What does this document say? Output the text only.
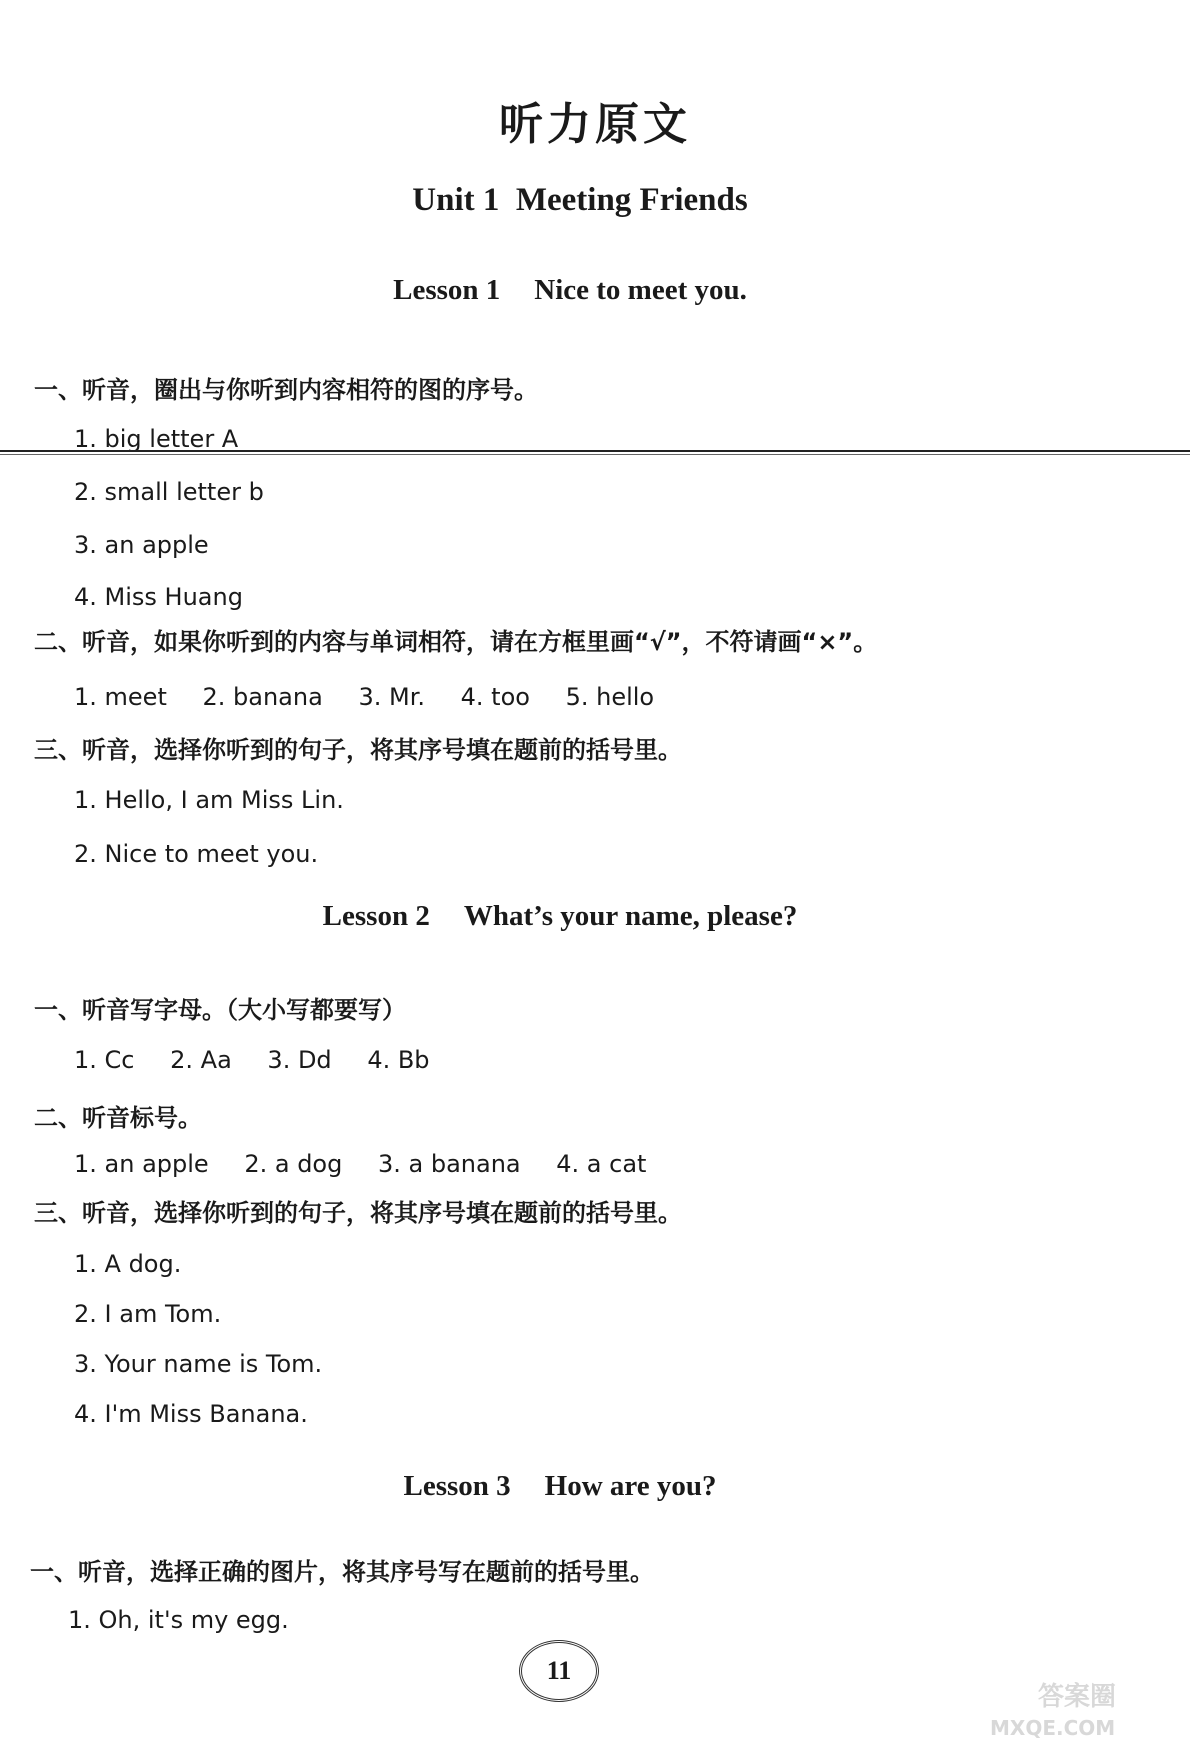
听力原文
Unit 1  Meeting Friends
Lesson 1 Nice to meet you.
一、听音，圈出与你听到内容相符的图的序号。
1. big letter A
2. small letter b
3. an apple
4. Miss Huang
二、听音，如果你听到的内容与单词相符，请在方框里画“√”，不符请画“×”。
1. meet 2. banana 3. Mr. 4. too 5. hello
三、听音，选择你听到的句子，将其序号填在题前的括号里。
1. Hello, I am Miss Lin.
2. Nice to meet you.
Lesson 2 What’s your name, please?
一、听音写字母。（大小写都要写）
1. Cc 2. Aa 3. Dd 4. Bb
二、听音标号。
1. an apple 2. a dog 3. a banana 4. a cat
三、听音，选择你听到的句子，将其序号填在题前的括号里。
1. A dog.
2. I am Tom.
3. Your name is Tom.
4. I'm Miss Banana.
Lesson 3 How are you?
一、听音，选择正确的图片，将其序号写在题前的括号里。
1. Oh, it's my egg.
11
答案圈
MXQE.COM
